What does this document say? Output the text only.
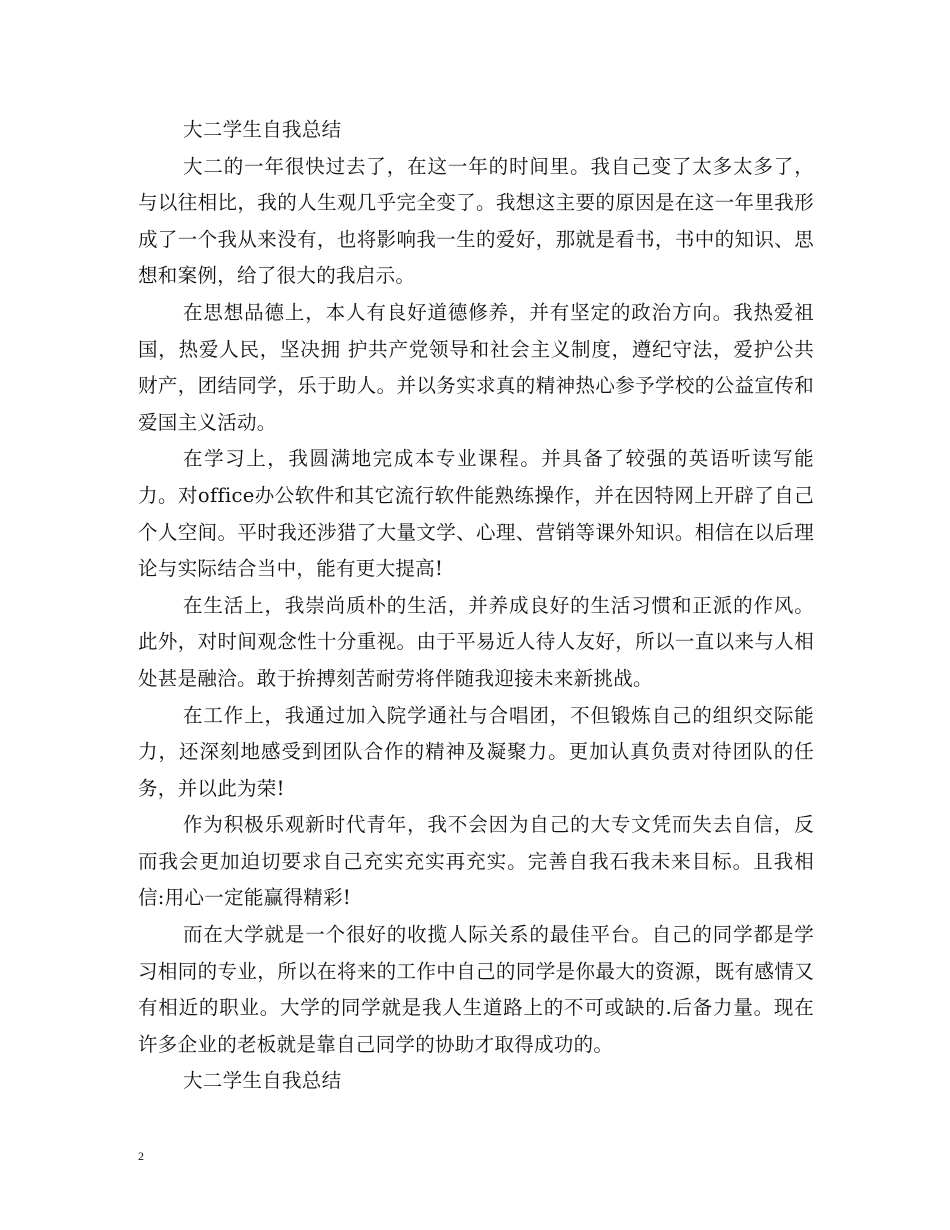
大二学生自我总结

大二的一年很快过去了，在这一年的时间里。我自己变了太多太多了，与以往相比，我的人生观几乎完全变了。我想这主要的原因是在这一年里我形成了一个我从来没有，也将影响我一生的爱好，那就是看书，书中的知识、思想和案例，给了很大的我启示。

在思想品德上，本人有良好道德修养，并有坚定的政治方向。我热爱祖国，热爱人民，坚决拥 护共产党领导和社会主义制度，遵纪守法，爱护公共财产，团结同学，乐于助人。并以务实求真的精神热心参予学校的公益宣传和爱国主义活动。

在学习上，我圆满地完成本专业课程。并具备了较强的英语听读写能力。对office办公软件和其它流行软件能熟练操作，并在因特网上开辟了自己个人空间。平时我还涉猎了大量文学、心理、营销等课外知识。相信在以后理论与实际结合当中，能有更大提高!

在生活上，我崇尚质朴的生活，并养成良好的生活习惯和正派的作风。此外，对时间观念性十分重视。由于平易近人待人友好，所以一直以来与人相处甚是融洽。敢于拚搏刻苦耐劳将伴随我迎接未来新挑战。

在工作上，我通过加入院学通社与合唱团，不但锻炼自己的组织交际能力，还深刻地感受到团队合作的精神及凝聚力。更加认真负责对待团队的任务，并以此为荣!

作为积极乐观新时代青年，我不会因为自己的大专文凭而失去自信，反而我会更加迫切要求自己充实充实再充实。完善自我石我未来目标。且我相信:用心一定能赢得精彩!

而在大学就是一个很好的收揽人际关系的最佳平台。自己的同学都是学习相同的专业，所以在将来的工作中自己的同学是你最大的资源，既有感情又有相近的职业。大学的同学就是我人生道路上的不可或缺的.后备力量。现在许多企业的老板就是靠自己同学的协助才取得成功的。

大二学生自我总结

2
